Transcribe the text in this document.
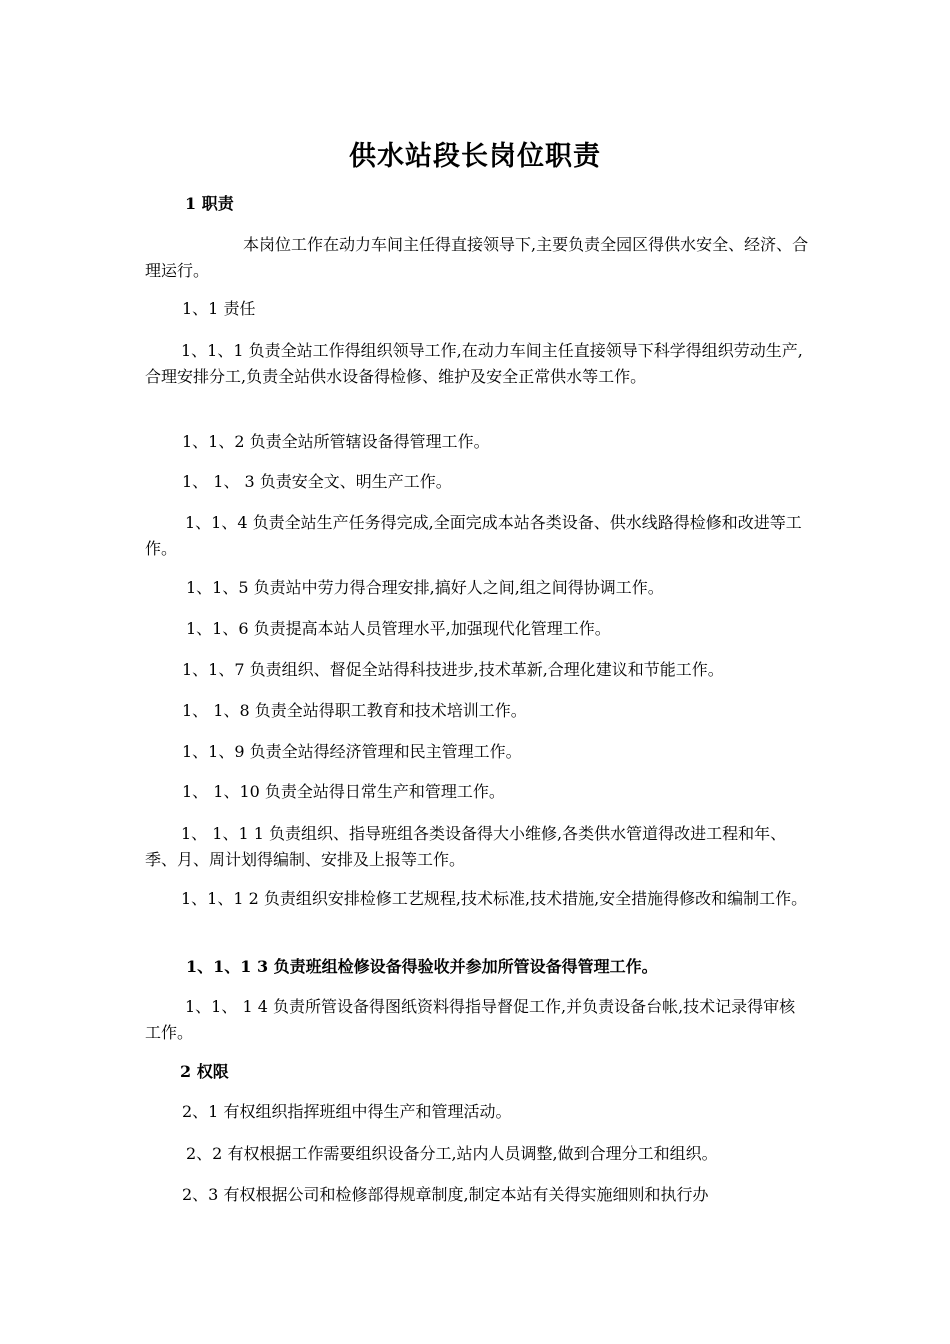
供水站段长岗位职责
1 职责
本岗位工作在动力车间主任得直接领导下,主要负责全园区得供水安全、经济、合理运行。
1、1 责任
1、1、1 负责全站工作得组织领导工作,在动力车间主任直接领导下科学得组织劳动生产,合理安排分工,负责全站供水设备得检修、维护及安全正常供水等工作。
1、1、2 负责全站所管辖设备得管理工作。
1、 1、 3 负责安全文、明生产工作。
1、1、4 负责全站生产任务得完成,全面完成本站各类设备、供水线路得检修和改进等工作。
1、1、5 负责站中劳力得合理安排,搞好人之间,组之间得协调工作。
1、1、6 负责提高本站人员管理水平,加强现代化管理工作。
1、1、7 负责组织、督促全站得科技进步,技术革新,合理化建议和节能工作。
1、 1、8 负责全站得职工教育和技术培训工作。
1、1、9 负责全站得经济管理和民主管理工作。
1、 1、10 负责全站得日常生产和管理工作。
1、 1、1 1 负责组织、指导班组各类设备得大小维修,各类供水管道得改进工程和年、季、月、周计划得编制、安排及上报等工作。
1、1、1 2 负责组织安排检修工艺规程,技术标准,技术措施,安全措施得修改和编制工作。
1、1、1 3 负责班组检修设备得验收并参加所管设备得管理工作。
1、1、 1 4 负责所管设备得图纸资料得指导督促工作,并负责设备台帐,技术记录得审核工作。
2 权限
2、1 有权组织指挥班组中得生产和管理活动。
2、2 有权根据工作需要组织设备分工,站内人员调整,做到合理分工和组织。
2、3 有权根据公司和检修部得规章制度,制定本站有关得实施细则和执行办
